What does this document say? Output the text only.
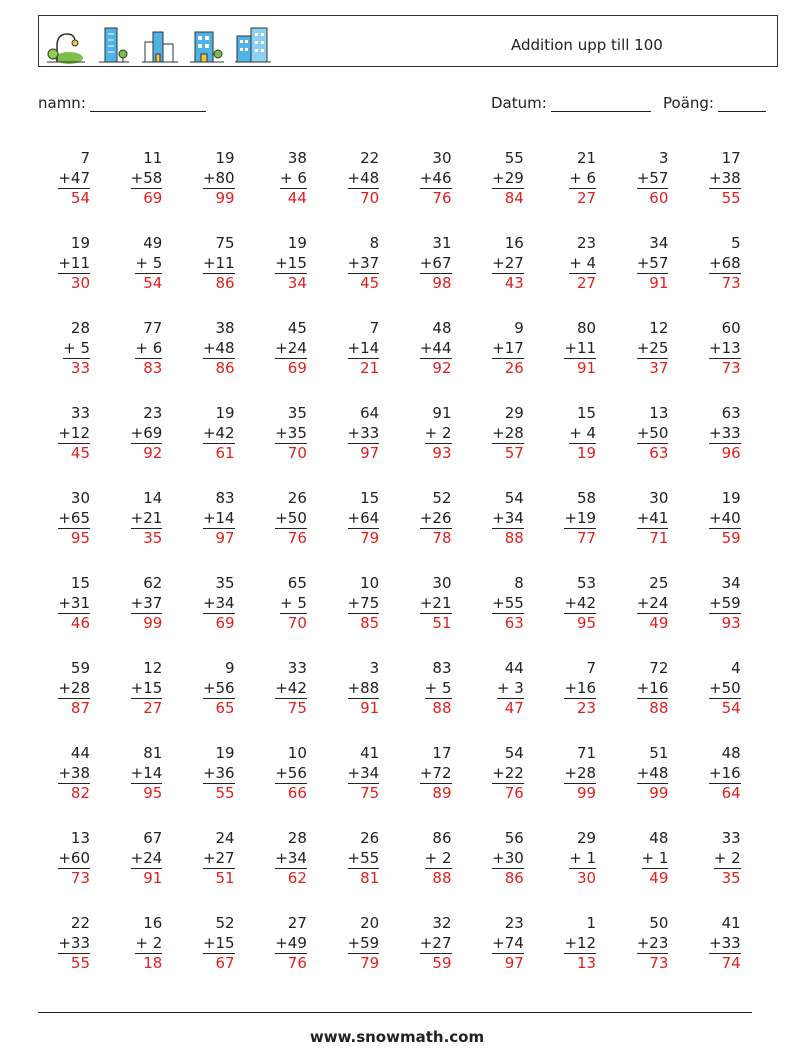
Addition upp till 100
namn:	Datum:	Poäng:
7
+47
54
11
+58
69
19
+80
99
38
+ 6
44
22
+48
70
30
+46
76
55
+29
84
21
+ 6
27
3
+57
60
17
+38
55
19
+11
30
49
+ 5
54
75
+11
86
19
+15
34
8
+37
45
31
+67
98
16
+27
43
23
+ 4
27
34
+57
91
5
+68
73
28
+ 5
33
77
+ 6
83
38
+48
86
45
+24
69
7
+14
21
48
+44
92
9
+17
26
80
+11
91
12
+25
37
60
+13
73
33
+12
45
23
+69
92
19
+42
61
35
+35
70
64
+33
97
91
+ 2
93
29
+28
57
15
+ 4
19
13
+50
63
63
+33
96
30
+65
95
14
+21
35
83
+14
97
26
+50
76
15
+64
79
52
+26
78
54
+34
88
58
+19
77
30
+41
71
19
+40
59
15
+31
46
62
+37
99
35
+34
69
65
+ 5
70
10
+75
85
30
+21
51
8
+55
63
53
+42
95
25
+24
49
34
+59
93
59
+28
87
12
+15
27
9
+56
65
33
+42
75
3
+88
91
83
+ 5
88
44
+ 3
47
7
+16
23
72
+16
88
4
+50
54
44
+38
82
81
+14
95
19
+36
55
10
+56
66
41
+34
75
17
+72
89
54
+22
76
71
+28
99
51
+48
99
48
+16
64
13
+60
73
67
+24
91
24
+27
51
28
+34
62
26
+55
81
86
+ 2
88
56
+30
86
29
+ 1
30
48
+ 1
49
33
+ 2
35
22
+33
55
16
+ 2
18
52
+15
67
27
+49
76
20
+59
79
32
+27
59
23
+74
97
1
+12
13
50
+23
73
41
+33
74
www.snowmath.com
